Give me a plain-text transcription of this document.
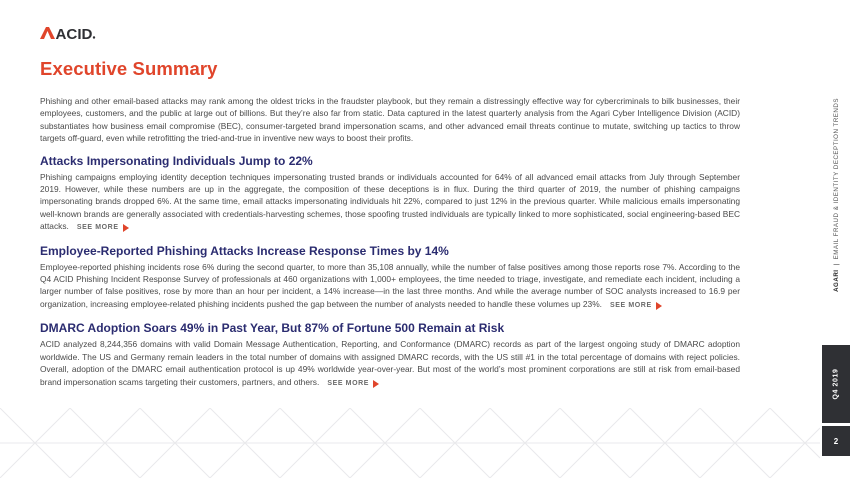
ACID
Executive Summary

Phishing and other email-based attacks may rank among the oldest tricks in the fraudster playbook, but they remain a distressingly effective way for cybercriminals to bilk businesses, their employees, customers, and the public at large out of billions. But they’re also far from static. Data captured in the latest quarterly analysis from the Agari Cyber Intelligence Division (ACID) substantiates how business email compromise (BEC), consumer-targeted brand impersonation scams, and other advanced email threats continue to mutate, switching up tactics to throw targets off-guard, even while retrofitting the tried-and-true in inventive new ways to boost their profits.

Attacks Impersonating Individuals Jump to 22%

Phishing campaigns employing identity deception techniques impersonating trusted brands or individuals accounted for 64% of all advanced email attacks from July through September 2019. However, while these numbers are up in the aggregate, the composition of these deceptions is in flux. During the third quarter of 2019, the number of phishing campaigns impersonating brands dropped 6%. At the same time, email attacks impersonating individuals hit 22%, compared to just 12% in the previous quarter. While malicious emails impersonating well-known brands are generally associated with credentials-harvesting schemes, those spoofing trusted individuals are typically linked to more sophisticated, social engineering-based BEC attacks. SEE MORE

Employee-Reported Phishing Attacks Increase Response Times by 14%

Employee-reported phishing incidents rose 6% during the second quarter, to more than 35,108 annually, while the number of false positives among those reports rose 7%. According to the Q4 ACID Phishing Incident Response Survey of professionals at 460 organizations with 1,000+ employees, the time needed to triage, investigate, and remediate each incident, including a larger number of false positives, rose by more than an hour per incident, a 14% increase—in the last three months. And while the average number of SOC analysts increased to 16.9 per organization, increasing employee-related phishing incidents pushed the gap between the number of analysts needed to handle these volumes up 23%. SEE MORE

DMARC Adoption Soars 49% in Past Year, But 87% of Fortune 500 Remain at Risk

ACID analyzed 8,244,356 domains with valid Domain Message Authentication, Reporting, and Conformance (DMARC) records as part of the largest ongoing study of DMARC adoption worldwide. The US and Germany remain leaders in the total number of domains with assigned DMARC records, with the US still #1 in the total percentage of domains with reject policies. Overall, adoption of the DMARC email authentication protocol is up 49% worldwide year-over-year. But most of the world’s most prominent corporations are still at risk from email-based brand impersonation scams targeting their customers, partners, and others. SEE MORE

AGARI|EMAIL FRAUD & IDENTITY DECEPTION TRENDS
Q4 2019
2
